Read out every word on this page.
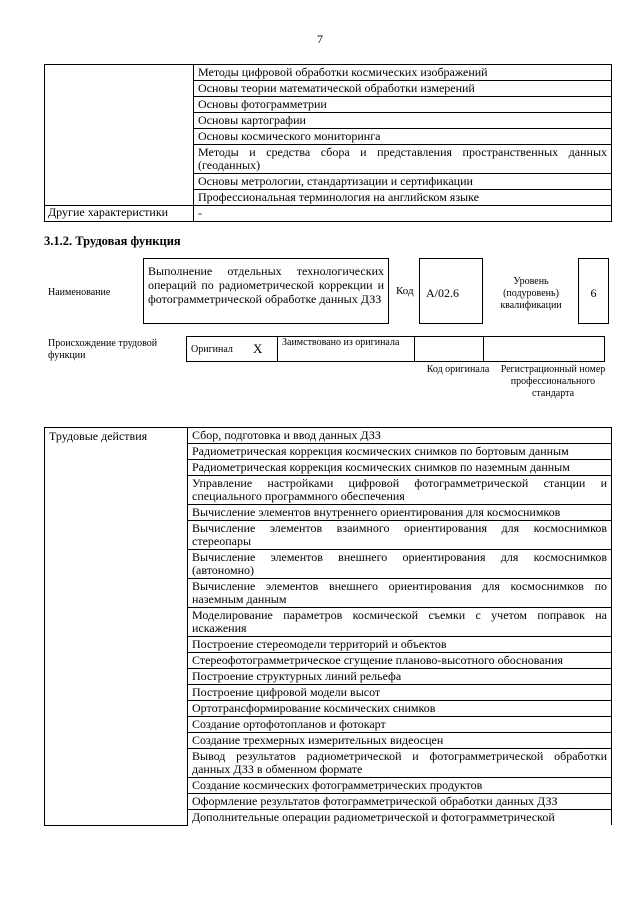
7
	Методы цифровой обработки космических изображений
	Основы теории математической обработки измерений
	Основы фотограмметрии
	Основы картографии
	Основы космического мониторинга
	Методы и средства сбора и представления пространственных данных (геоданных)
	Основы метрологии, стандартизации и сертификации
	Профессиональная терминология на английском языке
Другие характеристики	-
3.1.2. Трудовая функция
Наименование
Выполнение отдельных технологических операций по радиометрической коррекции и фотограмметрической обработке данных ДЗЗ
Код	А/02.6
Уровень (подуровень) квалификации
6
Происхождение трудовой функции
Оригинал	X	Заимствовано из оригинала		
Код оригинала	Регистрационный номер профессионального стандарта
Трудовые действия	Сбор, подготовка и ввод данных ДЗЗ
Радиометрическая коррекция космических снимков по бортовым данным
Радиометрическая коррекция космических снимков по наземным данным
Управление настройками цифровой фотограмметрической станции и специального программного обеспечения
Вычисление элементов внутреннего ориентирования для космоснимков
Вычисление элементов взаимного ориентирования для космоснимков стереопары
Вычисление элементов внешнего ориентирования для космоснимков (автономно)
Вычисление элементов внешнего ориентирования для космоснимков по наземным данным
Моделирование параметров космической съемки с учетом поправок на искажения
Построение стереомодели территорий и объектов
Стереофотограмметрическое сгущение планово-высотного обоснования
Построение структурных линий рельефа
Построение цифровой модели высот
Ортотрансформирование космических снимков
Создание ортофотопланов и фотокарт
Создание трехмерных измерительных видеосцен
Вывод результатов радиометрической и фотограмметрической обработки данных ДЗЗ в обменном формате
Создание космических фотограмметрических продуктов
Оформление результатов фотограмметрической обработки данных ДЗЗ
Дополнительные операции радиометрической и фотограмметрической
